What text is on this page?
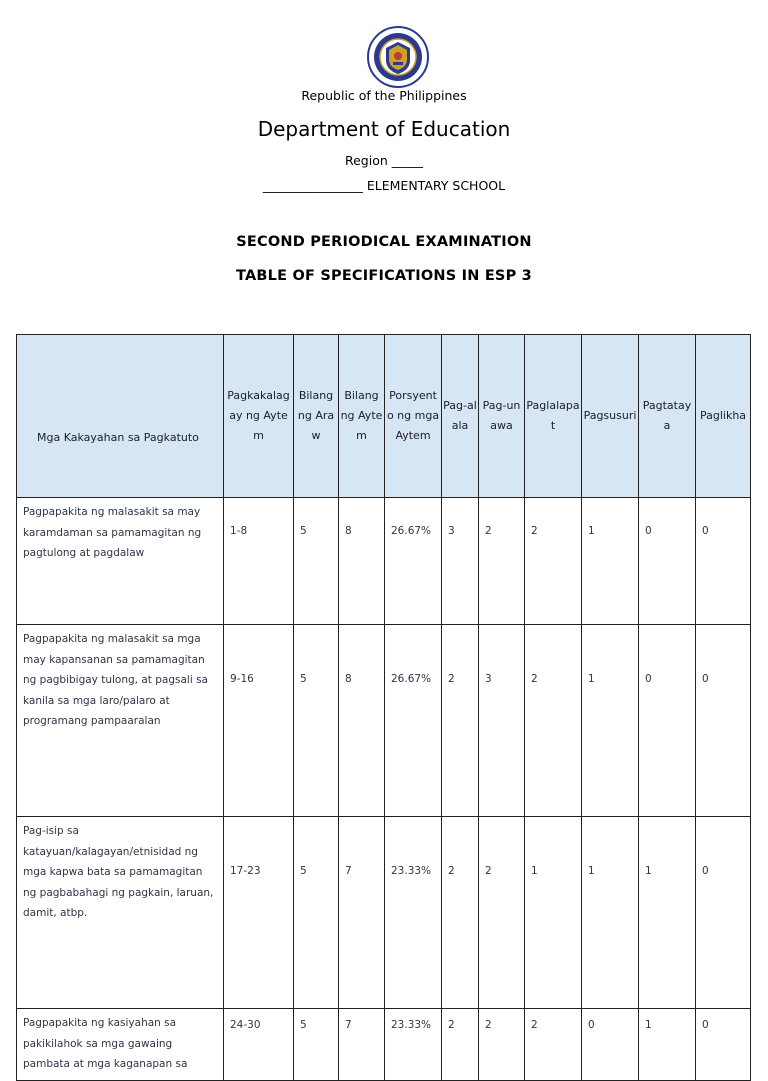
Republic of the Philippines
Department of Education
Region _____
________________ ELEMENTARY SCHOOL
SECOND PERIODICAL EXAMINATION
TABLE OF SPECIFICATIONS IN ESP 3
Mga Kakayahan sa Pagkatuto	Pagkakalagay ng Aytem	Bilang ng Araw	Bilang ng Aytem	Porsyento ng mga Aytem	Pag-alala	Pag-unawa	Paglalapat	Pagsusuri	Pagtataya	Paglikha
Pagpapakita ng malasakit sa may karamdaman sa pamamagitan ng pagtulong at pagdalaw	1-8	5	8	26.67%	3	2	2	1	0	0
Pagpapakita ng malasakit sa mga may kapansanan sa pamamagitan ng pagbibigay tulong, at pagsali sa kanila sa mga laro/palaro at programang pampaaralan	9-16	5	8	26.67%	2	3	2	1	0	0
Pag-isip sa katayuan/kalagayan/etnisidad ng mga kapwa bata sa pamamagitan ng pagbabahagi ng pagkain, laruan, damit, atbp.	17-23	5	7	23.33%	2	2	1	1	1	0
Pagpapakita ng kasiyahan sa pakikilahok sa mga gawaing pambata at mga kaganapan sa	24-30	5	7	23.33%	2	2	2	0	1	0
